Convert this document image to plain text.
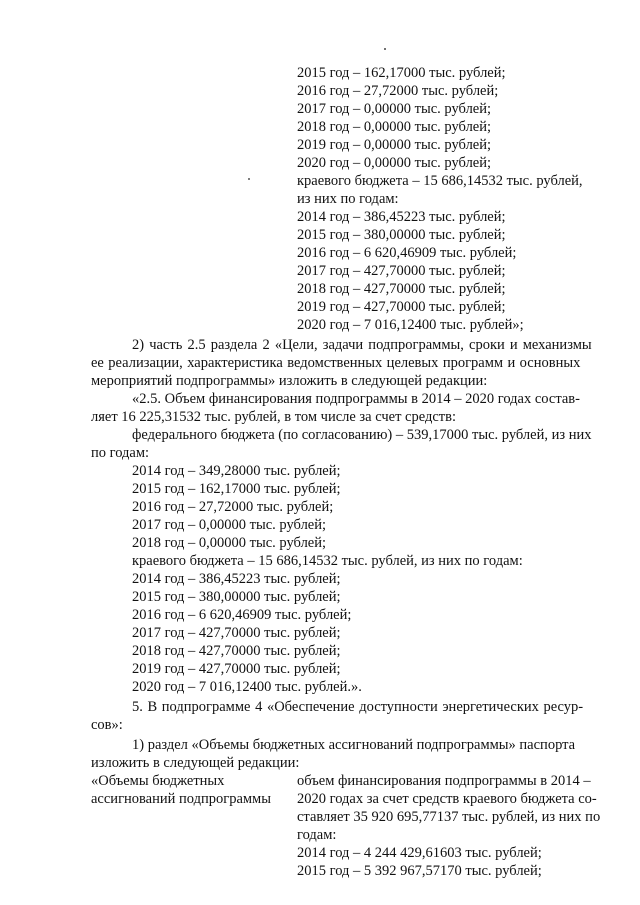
2015 год – 162,17000 тыс. рублей;
2016 год – 27,72000 тыс. рублей;
2017 год – 0,00000 тыс. рублей;
2018 год – 0,00000 тыс. рублей;
2019 год – 0,00000 тыс. рублей;
2020 год – 0,00000 тыс. рублей;
краевого бюджета – 15 686,14532 тыс. рублей,
из них по годам:
2014 год – 386,45223 тыс. рублей;
2015 год – 380,00000 тыс. рублей;
2016 год – 6 620,46909 тыс. рублей;
2017 год – 427,70000 тыс. рублей;
2018 год – 427,70000 тыс. рублей;
2019 год – 427,70000 тыс. рублей;
2020 год – 7 016,12400 тыс. рублей»;
2) часть 2.5 раздела 2 «Цели, задачи подпрограммы, сроки и механизмы
ее реализации, характеристика ведомственных целевых программ и основных
мероприятий подпрограммы» изложить в следующей редакции:
«2.5. Объем финансирования подпрограммы в 2014 – 2020 годах состав-
ляет 16 225,31532 тыс. рублей, в том числе за счет средств:
федерального бюджета (по согласованию) – 539,17000 тыс. рублей, из них
по годам:
2014 год – 349,28000 тыс. рублей;
2015 год – 162,17000 тыс. рублей;
2016 год – 27,72000 тыс. рублей;
2017 год – 0,00000 тыс. рублей;
2018 год – 0,00000 тыс. рублей;
краевого бюджета – 15 686,14532 тыс. рублей, из них по годам:
2014 год – 386,45223 тыс. рублей;
2015 год – 380,00000 тыс. рублей;
2016 год – 6 620,46909 тыс. рублей;
2017 год – 427,70000 тыс. рублей;
2018 год – 427,70000 тыс. рублей;
2019 год – 427,70000 тыс. рублей;
2020 год – 7 016,12400 тыс. рублей.».
5. В подпрограмме 4 «Обеспечение доступности энергетических ресур-
сов»:
1) раздел «Объемы бюджетных ассигнований подпрограммы» паспорта
изложить в следующей редакции:
«Объемы бюджетных
ассигнований подпрограммы
объем финансирования подпрограммы в 2014 –
2020 годах за счет средств краевого бюджета со-
ставляет 35 920 695,77137 тыс. рублей, из них по
годам:
2014 год – 4 244 429,61603 тыс. рублей;
2015 год – 5 392 967,57170 тыс. рублей;
